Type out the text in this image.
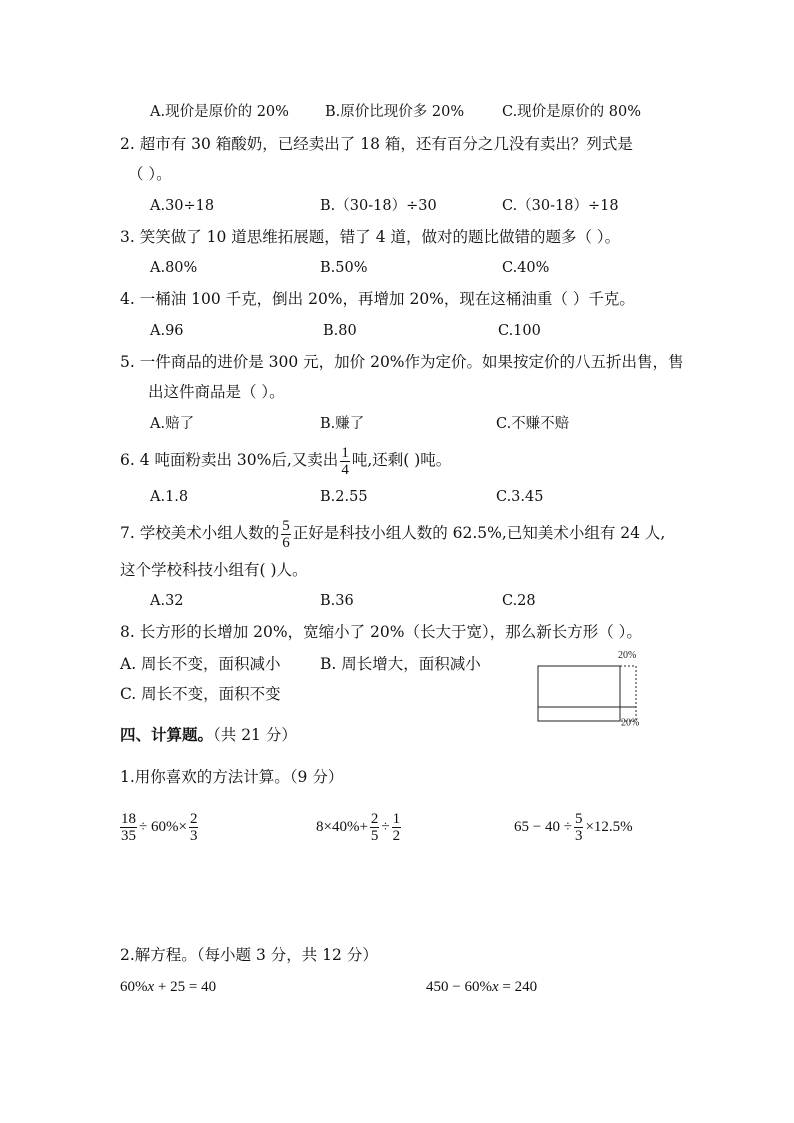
A.现价是原价的 20% B.原价比现价多 20%	C.现价是原价的 80%
2. 超市有 30 箱酸奶，已经卖出了 18 箱，还有百分之几没有卖出？列式是
（ ）。
A.30÷18	B.（30-18）÷30	C.（30-18）÷18
3. 笑笑做了 10 道思维拓展题，错了 4 道，做对的题比做错的题多（ ）。
A.80%	B.50%	C.40%
4. 一桶油 100 千克，倒出 20%，再增加 20%，现在这桶油重（ ）千克。
A.96	B.80	C.100
5. 一件商品的进价是 300 元，加价 20%作为定价。如果按定价的八五折出售，售
出这件商品是（ ）。
A.赔了	B.赚了	C.不赚不赔
6. 4 吨面粉卖出 30%后,又卖出 $\frac{1}{4}$ 吨,还剩( )吨。
A.1.8	B.2.55	C.3.45
7. 学校美术小组人数的 $\frac{5}{6}$ 正好是科技小组人数的 62.5%,已知美术小组有 24 人,
这个学校科技小组有( )人。
A.32	B.36	C.28
8. 长方形的长增加 20%，宽缩小了 20%（长大于宽），那么新长方形（ ）。
A. 周长不变，面积减小	B. 周长增大，面积减小
C. 周长不变，面积不变
20%
20%
四、计算题。（共 21 分）
1.用你喜欢的方法计算。（9 分）
$\frac{18}{35} \div 60\%\times \frac{2}{3}$	$8\times 40\%+ \frac{2}{5} \div \frac{1}{2}$	$65 - 40 \div \frac{5}{3} \times 12.5\%$
2.解方程。（每小题 3 分，共 12 分）
60%x + 25 = 40	450 − 60%x = 240
